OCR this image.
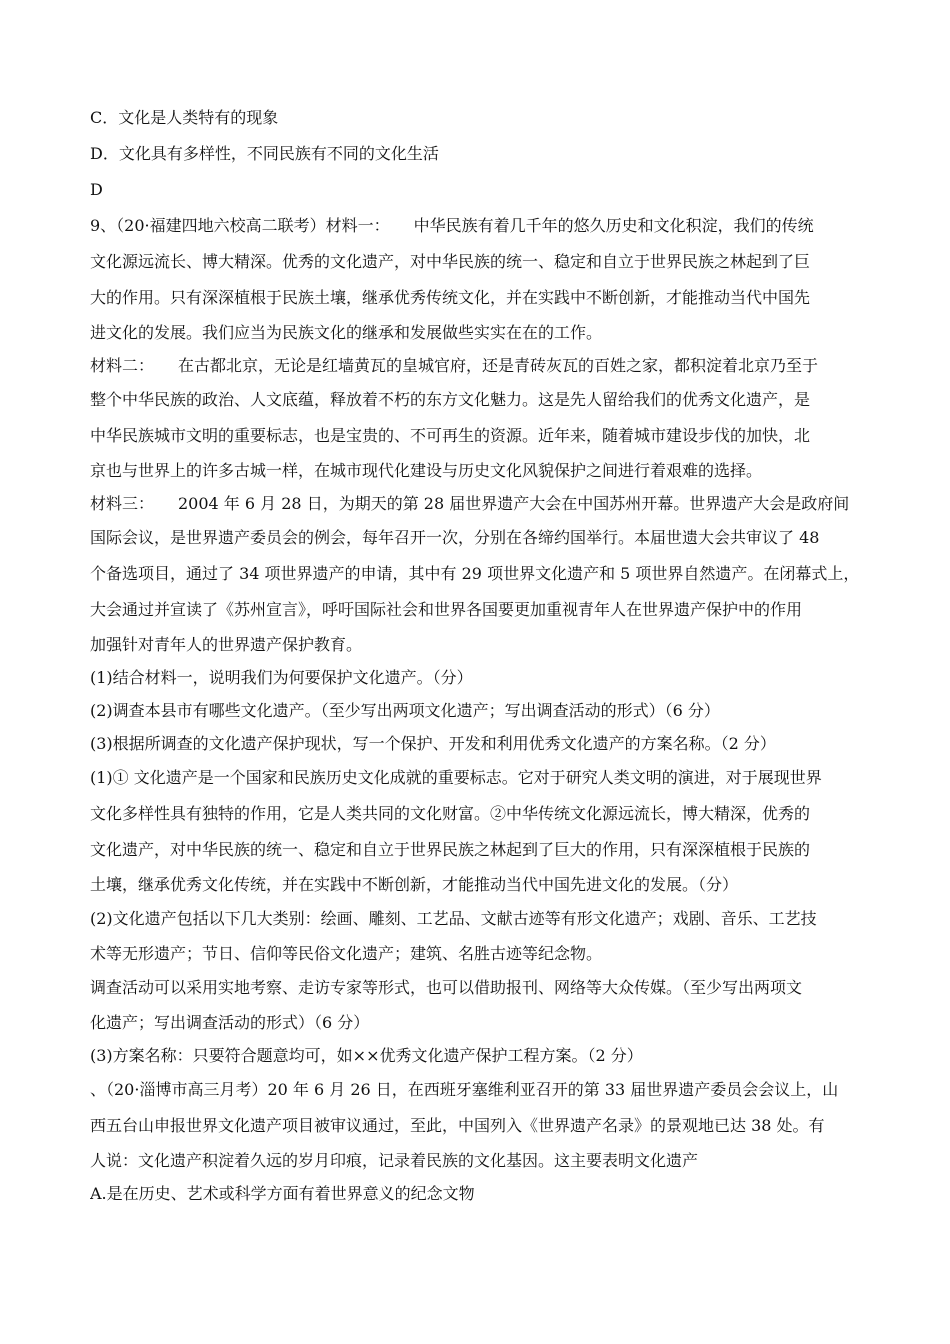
C．文化是人类特有的现象
D．文化具有多样性，不同民族有不同的文化生活
D
9、（20·福建四地六校高二联考）材料一：　　中华民族有着几千年的悠久历史和文化积淀，我们的传统
文化源远流长、博大精深。优秀的文化遗产，对中华民族的统一、稳定和自立于世界民族之林起到了巨
大的作用。只有深深植根于民族土壤，继承优秀传统文化，并在实践中不断创新，才能推动当代中国先
进文化的发展。我们应当为民族文化的继承和发展做些实实在在的工作。
材料二：　　在古都北京，无论是红墙黄瓦的皇城官府，还是青砖灰瓦的百姓之家，都积淀着北京乃至于
整个中华民族的政治、人文底蕴，释放着不朽的东方文化魅力。这是先人留给我们的优秀文化遗产，是
中华民族城市文明的重要标志，也是宝贵的、不可再生的资源。近年来，随着城市建设步伐的加快，北
京也与世界上的许多古城一样，在城市现代化建设与历史文化风貌保护之间进行着艰难的选择。
材料三：　　2004 年 6 月 28 日，为期天的第 28 届世界遗产大会在中国苏州开幕。世界遗产大会是政府间
国际会议，是世界遗产委员会的例会，每年召开一次，分别在各缔约国举行。本届世遗大会共审议了 48
个备选项目，通过了 34 项世界遗产的申请，其中有 29 项世界文化遗产和 5 项世界自然遗产。在闭幕式上，
大会通过并宣读了《苏州宣言》，呼吁国际社会和世界各国要更加重视青年人在世界遗产保护中的作用
加强针对青年人的世界遗产保护教育。
(1)结合材料一，说明我们为何要保护文化遗产。（分）
(2)调查本县市有哪些文化遗产。（至少写出两项文化遗产；写出调查活动的形式）（6 分）
(3)根据所调查的文化遗产保护现状，写一个保护、开发和利用优秀文化遗产的方案名称。（2 分）
(1)① 文化遗产是一个国家和民族历史文化成就的重要标志。它对于研究人类文明的演进，对于展现世界
文化多样性具有独特的作用，它是人类共同的文化财富。②中华传统文化源远流长，博大精深，优秀的
文化遗产，对中华民族的统一、稳定和自立于世界民族之林起到了巨大的作用，只有深深植根于民族的
土壤，继承优秀文化传统，并在实践中不断创新，才能推动当代中国先进文化的发展。（分）
(2)文化遗产包括以下几大类别：绘画、雕刻、工艺品、文献古迹等有形文化遗产；戏剧、音乐、工艺技
术等无形遗产；节日、信仰等民俗文化遗产；建筑、名胜古迹等纪念物。
调查活动可以采用实地考察、走访专家等形式，也可以借助报刊、网络等大众传媒。（至少写出两项文
化遗产；写出调查活动的形式）（6 分）
(3)方案名称：只要符合题意均可，如××优秀文化遗产保护工程方案。（2 分）
、（20·淄博市高三月考）20 年 6 月 26 日，在西班牙塞维利亚召开的第 33 届世界遗产委员会会议上，山
西五台山申报世界文化遗产项目被审议通过，至此，中国列入《世界遗产名录》的景观地已达 38 处。有
人说：文化遗产积淀着久远的岁月印痕，记录着民族的文化基因。这主要表明文化遗产
A.是在历史、艺术或科学方面有着世界意义的纪念文物
